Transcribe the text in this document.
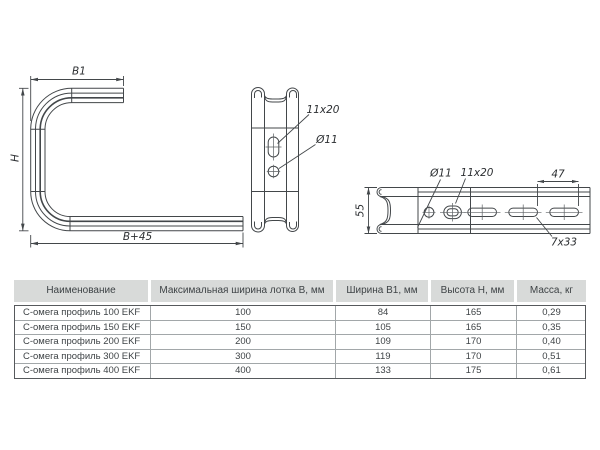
B1
H
B+45
11x20
Ø11
55
47
Ø11 11x20
7x33
Наименование	Максимальная ширина лотка В, мм	Ширина В1, мм	Высота Н, мм	Масса, кг
С-омега профиль 100 EKF	100	84	165	0,29
С-омега профиль 150 EKF	150	105	165	0,35
С-омега профиль 200 EKF	200	109	170	0,40
С-омега профиль 300 EKF	300	119	170	0,51
С-омега профиль 400 EKF	400	133	175	0,61
